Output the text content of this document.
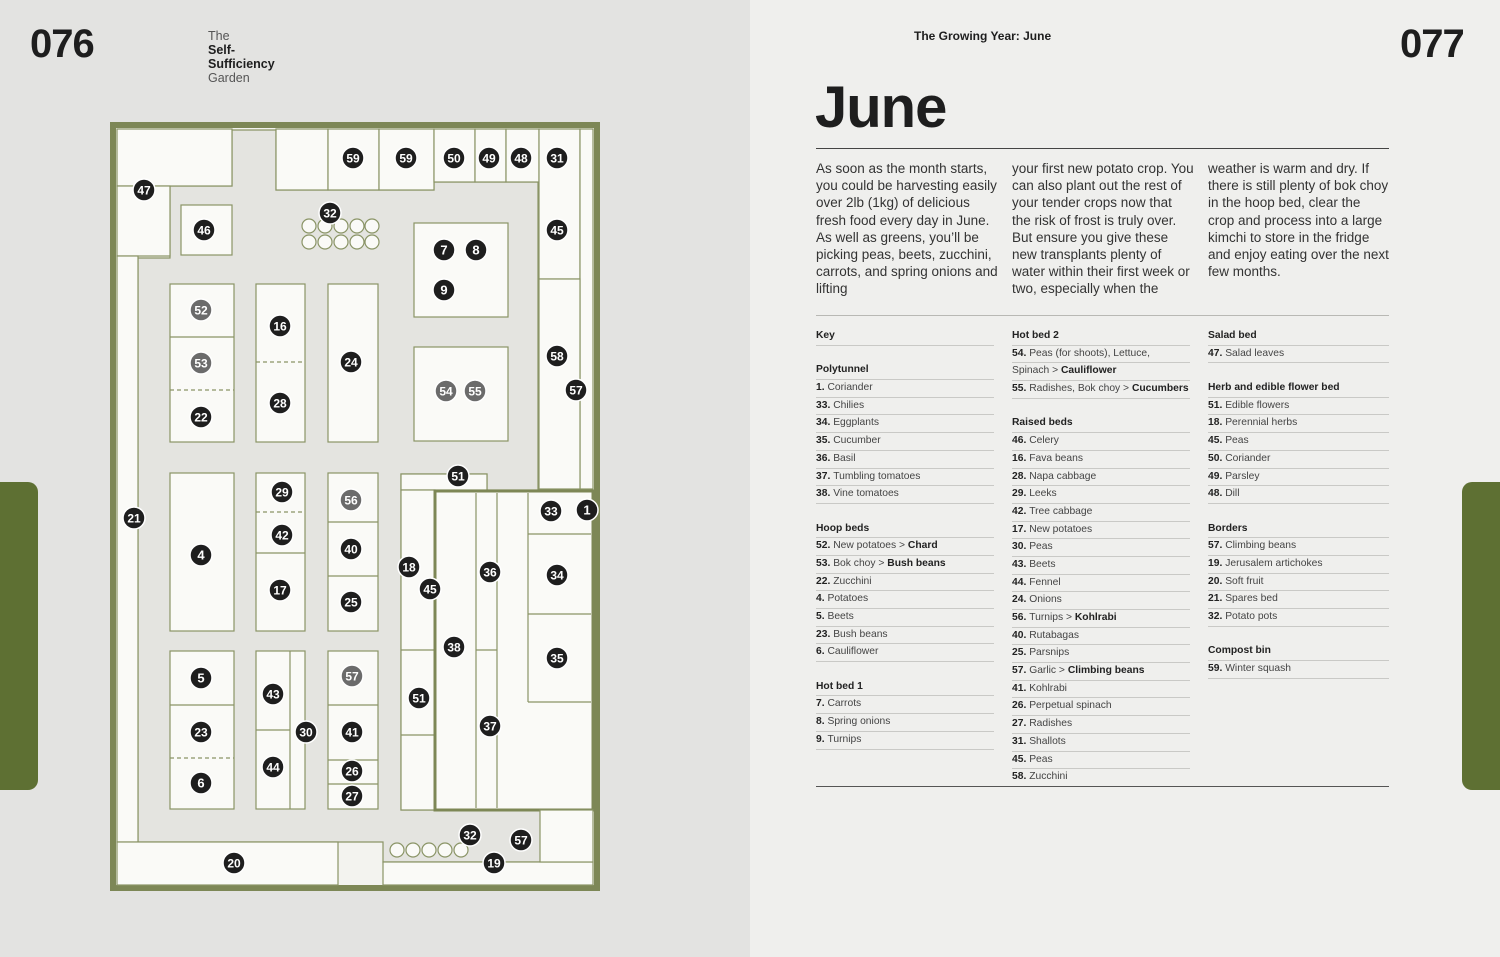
076	The
Self-
Sufficiency
Garden
59	59	50 49 48 31
47
32
46	45
7 8
9
52
53
22
16
28
24
54 55
58
57
51
33 1
21
4
29
42
17
56
40
25
18
45
36	34
35
38
5
23
6
43
30
44
57
41
26
27
51
37
32	57
19
20
077
The Growing Year: June
June
As soon as the month starts, you could be harvesting easily over 2lb (1kg) of delicious fresh food every day in June. As well as greens, you’ll be picking peas, beets, zucchini, carrots, and spring onions and lifting
your first new potato crop. You can also plant out the rest of your tender crops now that the risk of frost is truly over. But ensure you give these new transplants plenty of water within their first week or two, especially when the
weather is warm and dry. If there is still plenty of bok choy in the hoop bed, clear the crop and process into a large kimchi to store in the fridge and enjoy eating over the next few months.
Key
Polytunnel
1. Coriander
33. Chilies
34. Eggplants
35. Cucumber
36. Basil
37. Tumbling tomatoes
38. Vine tomatoes
Hoop beds
52. New potatoes > Chard
53. Bok choy > Bush beans
22. Zucchini
4. Potatoes
5. Beets
23. Bush beans
6. Cauliflower
Hot bed 1
7. Carrots
8. Spring onions
9. Turnips
Hot bed 2
54. Peas (for shoots), Lettuce,
Spinach > Cauliflower
55. Radishes, Bok choy > Cucumbers
Raised beds
46. Celery
16. Fava beans
28. Napa cabbage
29. Leeks
42. Tree cabbage
17. New potatoes
30. Peas
43. Beets
44. Fennel
24. Onions
56. Turnips > Kohlrabi
40. Rutabagas
25. Parsnips
57. Garlic > Climbing beans
41. Kohlrabi
26. Perpetual spinach
27. Radishes
31. Shallots
45. Peas
58. Zucchini
Salad bed
47. Salad leaves
Herb and edible flower bed
51. Edible flowers
18. Perennial herbs
45. Peas
50. Coriander
49. Parsley
48. Dill
Borders
57. Climbing beans
19. Jerusalem artichokes
20. Soft fruit
21. Spares bed
32. Potato pots
Compost bin
59. Winter squash
